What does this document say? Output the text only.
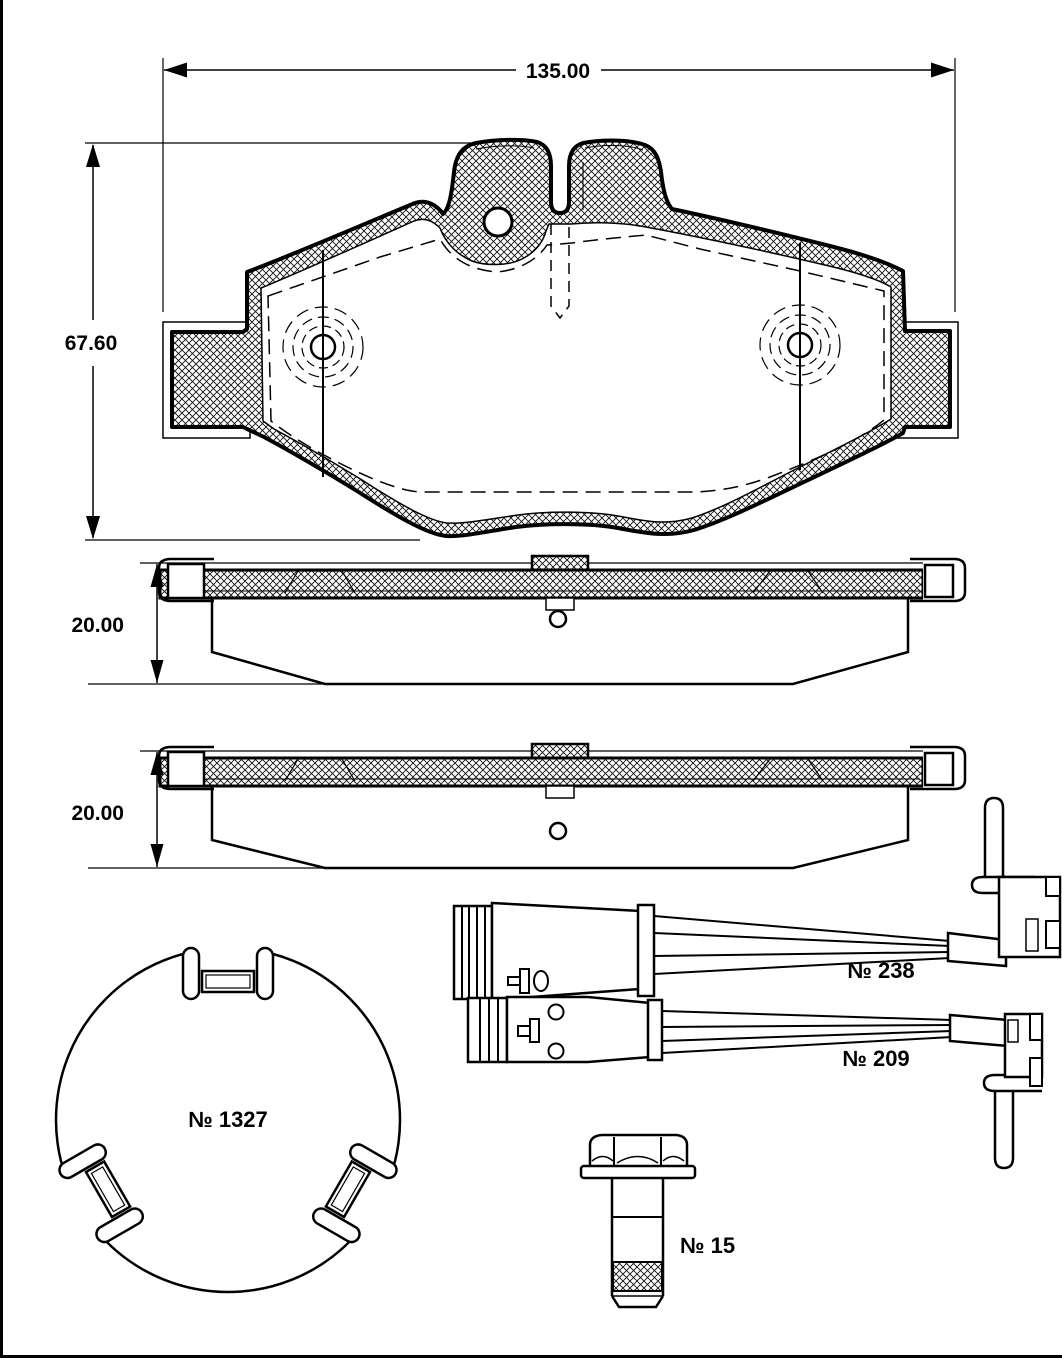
135.00
67.60
20.00
20.00
№ 238
№ 209
№ 1327
№ 15
